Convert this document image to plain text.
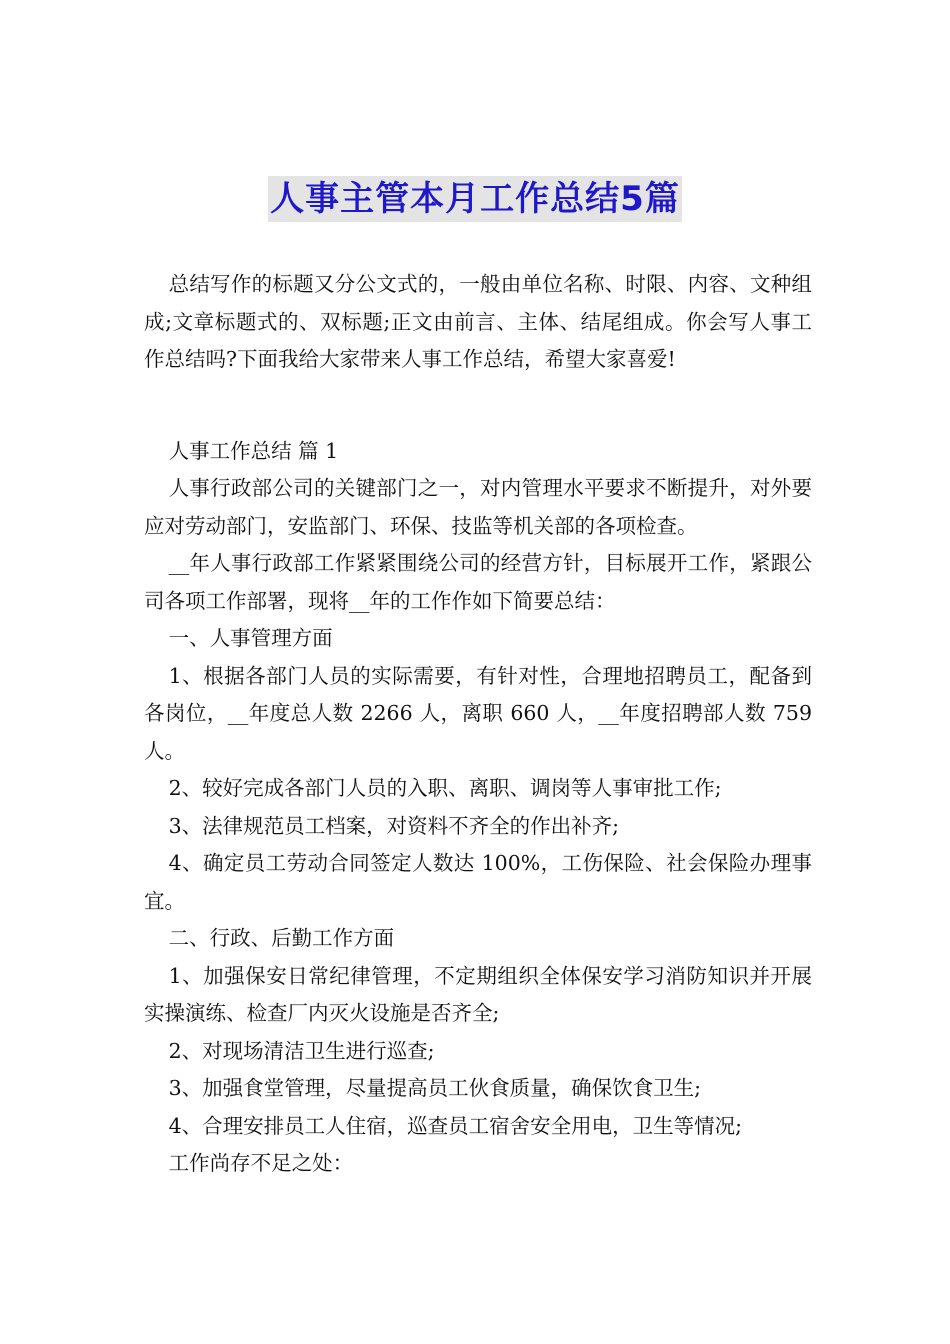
人事主管本月工作总结5篇

总结写作的标题又分公文式的，一般由单位名称、时限、内容、文种组成;文章标题式的、双标题;正文由前言、主体、结尾组成。你会写人事工作总结吗?下面我给大家带来人事工作总结，希望大家喜爱!

人事工作总结 篇 1

人事行政部公司的关键部门之一，对内管理水平要求不断提升，对外要应对劳动部门，安监部门、环保、技监等机关部的各项检查。

__年人事行政部工作紧紧围绕公司的经营方针，目标展开工作，紧跟公司各项工作部署，现将__年的工作作如下简要总结：

一、人事管理方面

1、根据各部门人员的实际需要，有针对性，合理地招聘员工，配备到各岗位，__年度总人数 2266 人，离职 660 人，__年度招聘部人数 759 人。

2、较好完成各部门人员的入职、离职、调岗等人事审批工作;

3、法律规范员工档案，对资料不齐全的作出补齐;

4、确定员工劳动合同签定人数达 100%，工伤保险、社会保险办理事宜。

二、行政、后勤工作方面

1、加强保安日常纪律管理，不定期组织全体保安学习消防知识并开展实操演练、检查厂内灭火设施是否齐全;

2、对现场清洁卫生进行巡查;

3、加强食堂管理，尽量提高员工伙食质量，确保饮食卫生;

4、合理安排员工人住宿，巡查员工宿舍安全用电，卫生等情况;

工作尚存不足之处：
